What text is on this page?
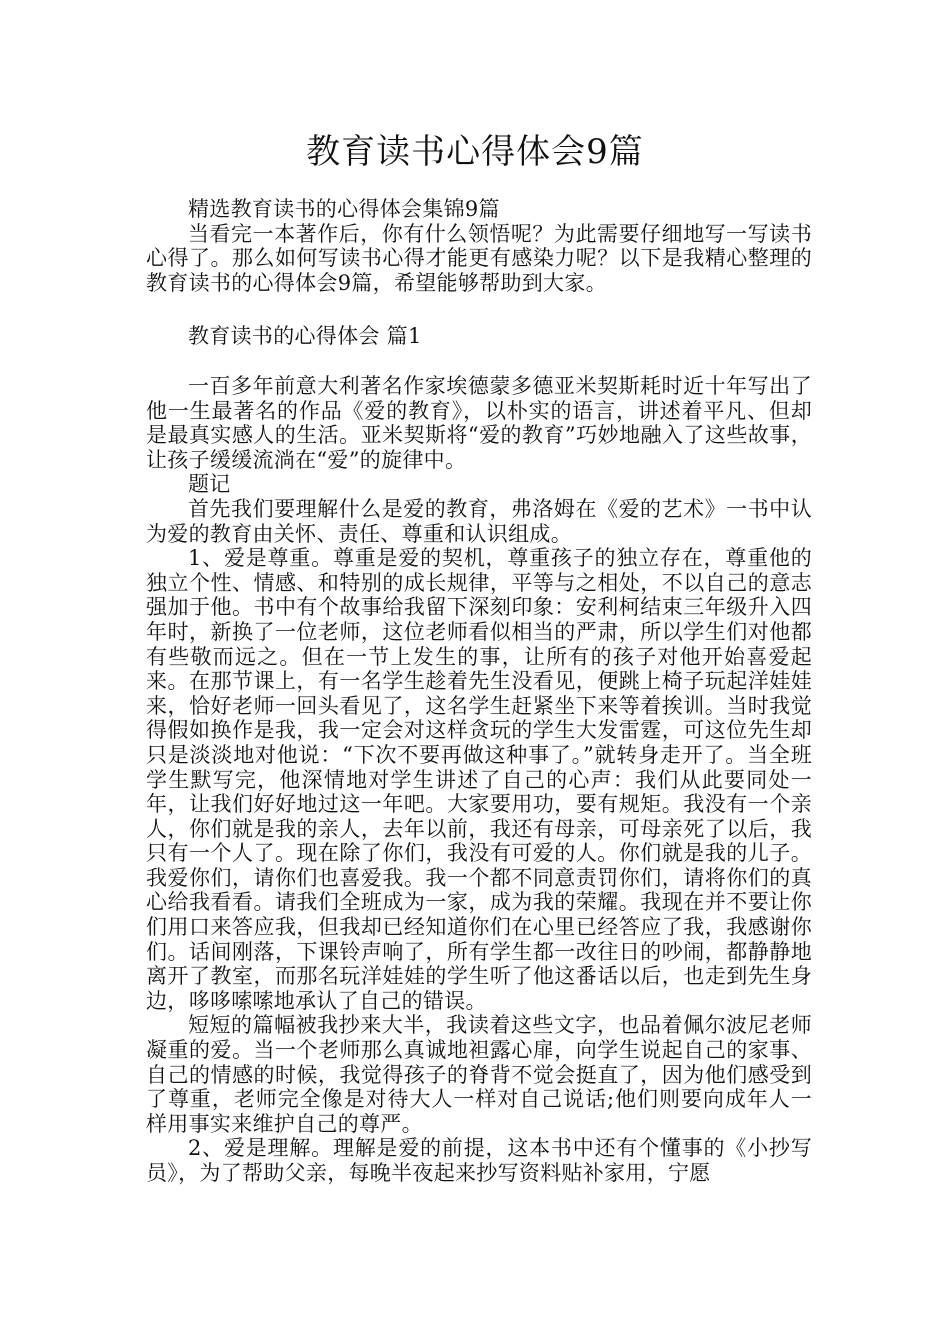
教育读书心得体会9篇

精选教育读书的心得体会集锦9篇

当看完一本著作后，你有什么领悟呢？为此需要仔细地写一写读书心得了。那么如何写读书心得才能更有感染力呢？以下是我精心整理的教育读书的心得体会9篇，希望能够帮助到大家。

教育读书的心得体会 篇1

一百多年前意大利著名作家埃德蒙多德亚米契斯耗时近十年写出了他一生最著名的作品《爱的教育》，以朴实的语言，讲述着平凡、但却是最真实感人的生活。亚米契斯将“爱的教育”巧妙地融入了这些故事，让孩子缓缓流淌在“爱”的旋律中。

题记

首先我们要理解什么是爱的教育，弗洛姆在《爱的艺术》一书中认为爱的教育由关怀、责任、尊重和认识组成。

1、爱是尊重。尊重是爱的契机，尊重孩子的独立存在，尊重他的独立个性、情感、和特别的成长规律，平等与之相处，不以自己的意志强加于他。书中有个故事给我留下深刻印象：安利柯结束三年级升入四年时，新换了一位老师，这位老师看似相当的严肃，所以学生们对他都有些敬而远之。但在一节上发生的事，让所有的孩子对他开始喜爱起来。在那节课上，有一名学生趁着先生没看见，便跳上椅子玩起洋娃娃来，恰好老师一回头看见了，这名学生赶紧坐下来等着挨训。当时我觉得假如换作是我，我一定会对这样贪玩的学生大发雷霆，可这位先生却只是淡淡地对他说：“下次不要再做这种事了。”就转身走开了。当全班学生默写完，他深情地对学生讲述了自己的心声：我们从此要同处一年，让我们好好地过这一年吧。大家要用功，要有规矩。我没有一个亲人，你们就是我的亲人，去年以前，我还有母亲，可母亲死了以后，我只有一个人了。现在除了你们，我没有可爱的人。你们就是我的儿子。我爱你们，请你们也喜爱我。我一个都不同意责罚你们，请将你们的真心给我看看。请我们全班成为一家，成为我的荣耀。我现在并不要让你们用口来答应我，但我却已经知道你们在心里已经答应了我，我感谢你们。话间刚落，下课铃声响了，所有学生都一改往日的吵闹，都静静地离开了教室，而那名玩洋娃娃的学生听了他这番话以后，也走到先生身边，哆哆嗦嗦地承认了自己的错误。

短短的篇幅被我抄来大半，我读着这些文字，也品着佩尔波尼老师凝重的爱。当一个老师那么真诚地袒露心扉，向学生说起自己的家事、自己的情感的时候，我觉得孩子的脊背不觉会挺直了，因为他们感受到了尊重，老师完全像是对待大人一样对自己说话;他们则要向成年人一样用事实来维护自己的尊严。

2、爱是理解。理解是爱的前提，这本书中还有个懂事的《小抄写员》，为了帮助父亲，每晚半夜起来抄写资料贴补家用，宁愿
